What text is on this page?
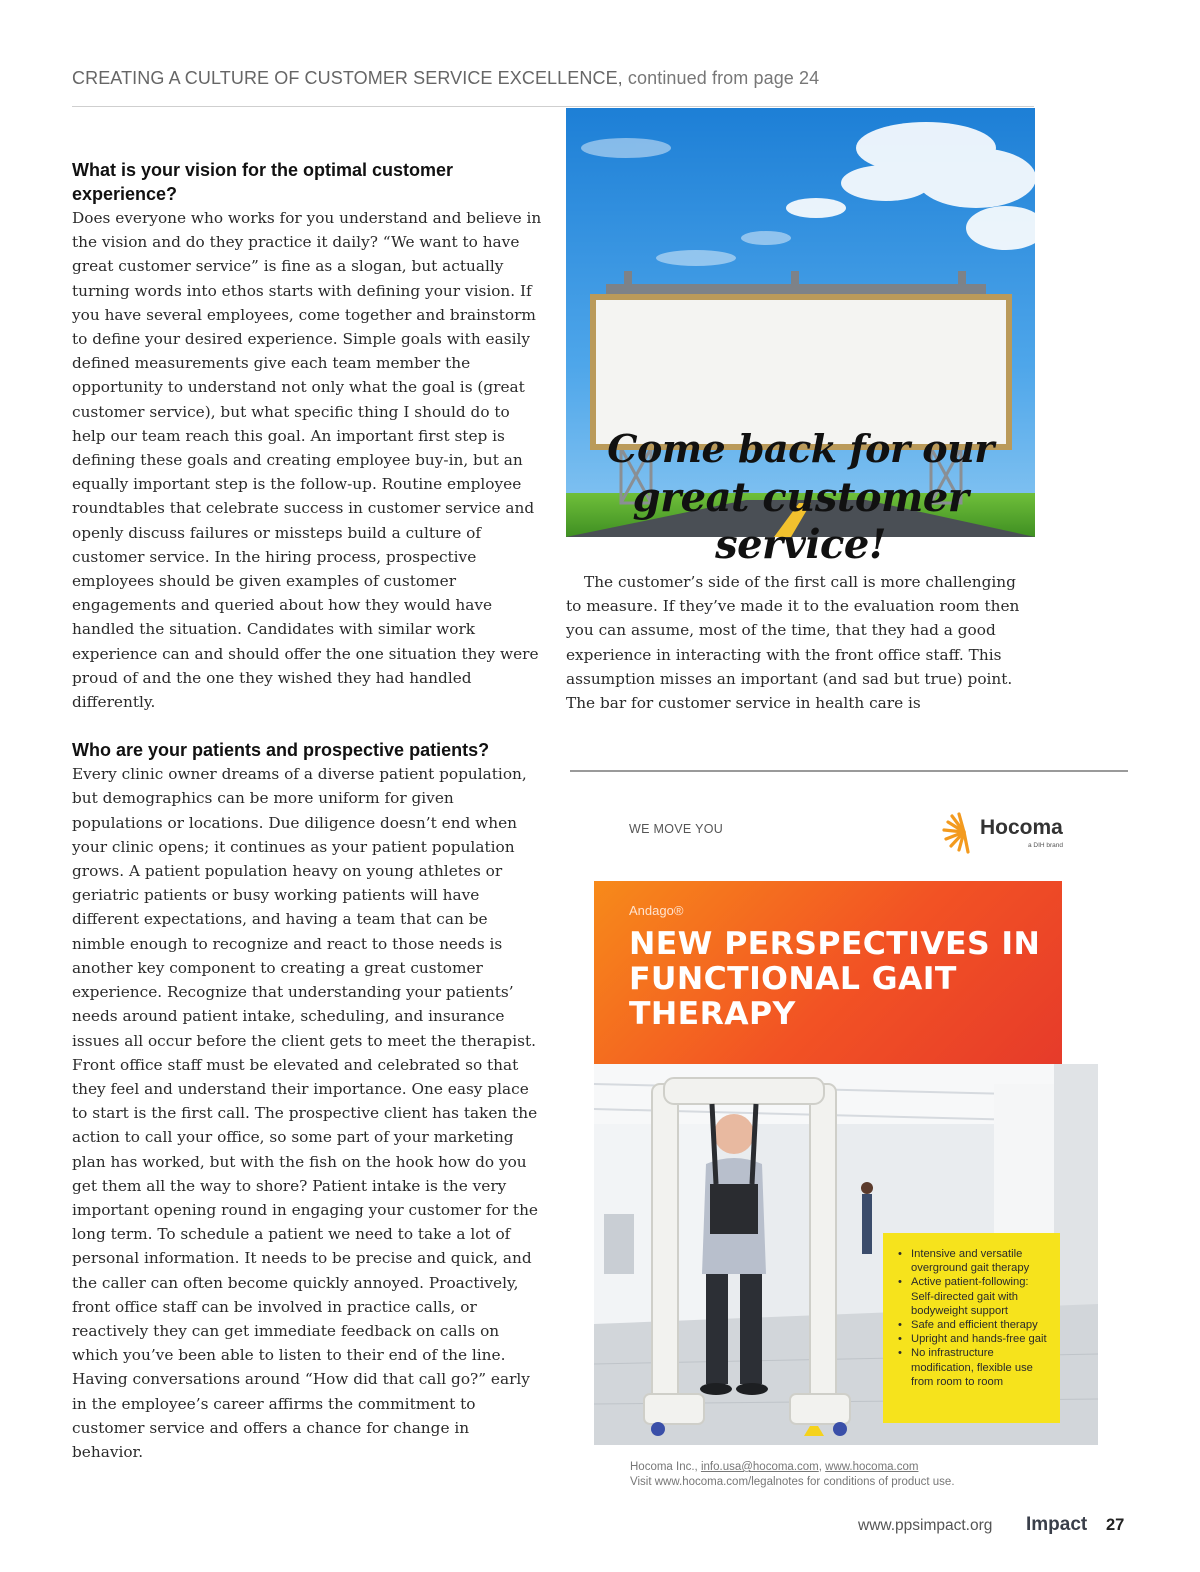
CREATING A CULTURE OF CUSTOMER SERVICE EXCELLENCE, continued from page 24
What is your vision for the optimal customer experience?

Does everyone who works for you understand and believe in the vision and do they practice it daily? “We want to have great customer service” is fine as a slogan, but actually turning words into ethos starts with defining your vision. If you have several employees, come together and brainstorm to define your desired experience. Simple goals with easily defined measurements give each team member the opportunity to understand not only what the goal is (great customer service), but what specific thing I should do to help our team reach this goal. An important first step is defining these goals and creating employee buy-in, but an equally important step is the follow-up. Routine employee roundtables that celebrate success in customer service and openly discuss failures or missteps build a culture of customer service. In the hiring process, prospective employees should be given examples of customer engagements and queried about how they would have handled the situation. Candidates with similar work experience can and should offer the one situation they were proud of and the one they wished they had handled differently.

Who are your patients and prospective patients?

Every clinic owner dreams of a diverse patient population, but demographics can be more uniform for given populations or locations. Due diligence doesn’t end when your clinic opens; it continues as your patient population grows. A patient population heavy on young athletes or geriatric patients or busy working patients will have different expectations, and having a team that can be nimble enough to recognize and react to those needs is another key component to creating a great customer experience. Recognize that understanding your patients’ needs around patient intake, scheduling, and insurance issues all occur before the client gets to meet the therapist. Front office staff must be elevated and celebrated so that they feel and understand their importance. One easy place to start is the first call. The prospective client has taken the action to call your office, so some part of your marketing plan has worked, but with the fish on the hook how do you get them all the way to shore? Patient intake is the very important opening round in engaging your customer for the long term. To schedule a patient we need to take a lot of personal information. It needs to be precise and quick, and the caller can often become quickly annoyed. Proactively, front office staff can be involved in practice calls, or reactively they can get immediate feedback on calls on which you’ve been able to listen to their end of the line. Having conversations around “How did that call go?” early in the employee’s career affirms the commitment to customer service and offers a chance for change in behavior.

Come back for our
great customer service!

The customer’s side of the first call is more challenging to measure. If they’ve made it to the evaluation room then you can assume, most of the time, that they had a good experience in interacting with the front office staff. This assumption misses an important (and sad but true) point. The bar for customer service in health care is

WE MOVE YOU	Hocoma
a DIH brand
Andago®
NEW PERSPECTIVES IN FUNCTIONAL GAIT THERAPY
• Intensive and versatile overground gait therapy
• Active patient-following: Self-directed gait with bodyweight support
• Safe and efficient therapy
• Upright and hands-free gait
• No infrastructure modification, flexible use from room to room
Hocoma Inc., info.usa@hocoma.com, www.hocoma.com
Visit www.hocoma.com/legalnotes for conditions of product use.
www.ppsimpact.org Impact 27
